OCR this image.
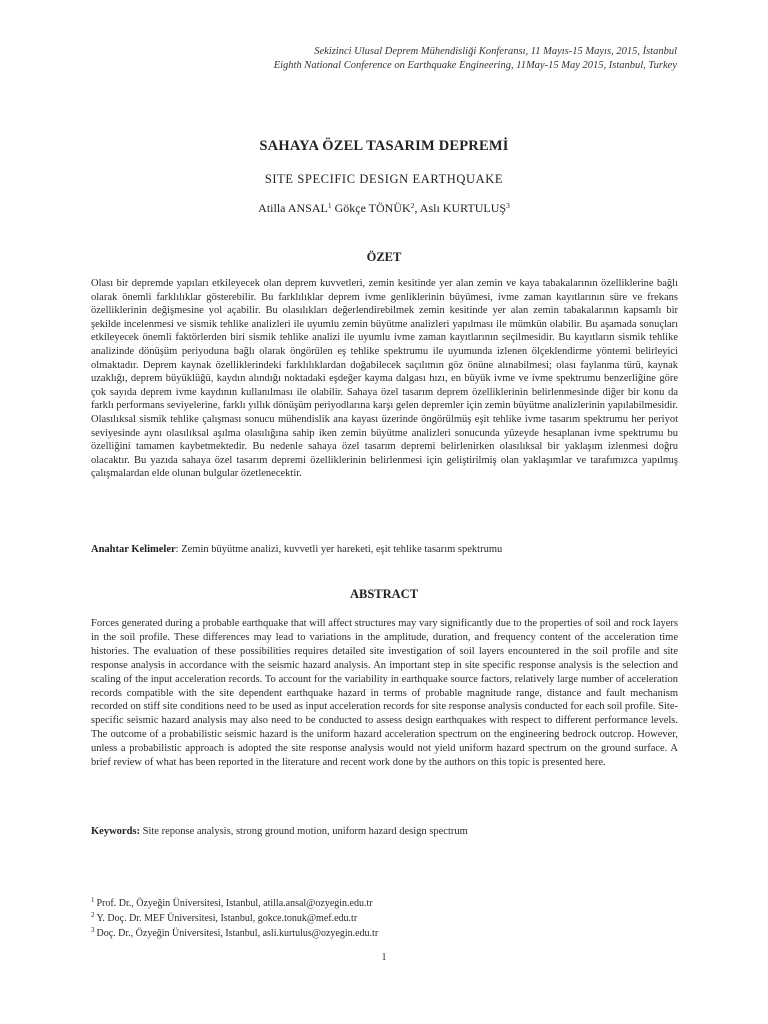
Sekizinci Ulusal Deprem Mühendisliği Konferansı, 11 Mayıs-15 Mayıs, 2015, İstanbul
Eighth National Conference on Earthquake Engineering, 11May-15 May 2015, Istanbul, Turkey
SAHAYA ÖZEL TASARIM DEPREMİ
SITE SPECIFIC DESIGN EARTHQUAKE
Atilla ANSAL$^1$ Gökçe TÖNÜK$^2$, Aslı KURTULUŞ$^3$
ÖZET

Olası bir depremde yapıları etkileyecek olan deprem kuvvetleri, zemin kesitinde yer alan zemin ve kaya tabakalarının özelliklerine bağlı olarak önemli farklılıklar gösterebilir. Bu farklılıklar deprem ivme genliklerinin büyümesi, ivme zaman kayıtlarının süre ve frekans özelliklerinin değişmesine yol açabilir. Bu olasılıkları değerlendirebilmek zemin kesitinde yer alan zemin tabakalarının kapsamlı bir şekilde incelenmesi ve sismik tehlike analizleri ile uyumlu zemin büyütme analizleri yapılması ile mümkün olabilir. Bu aşamada sonuçları etkileyecek önemli faktörlerden biri sismik tehlike analizi ile uyumlu ivme zaman kayıtlarının seçilmesidir. Bu kayıtların sismik tehlike analizinde dönüşüm periyoduna bağlı olarak öngörülen eş tehlike spektrumu ile uyumunda izlenen ölçeklendirme yöntemi belirleyici olmaktadır. Deprem kaynak özelliklerindeki farklılıklardan doğabilecek saçılımın göz önüne alınabilmesi; olası faylanma türü, kaynak uzaklığı, deprem büyüklüğü, kaydın alındığı noktadaki eşdeğer kayma dalgası hızı, en büyük ivme ve ivme spektrumu benzerliğine göre çok sayıda deprem ivme kaydının kullanılması ile olabilir. Sahaya özel tasarım deprem özelliklerinin belirlenmesinde diğer bir konu da farklı performans seviyelerine, farklı yıllık dönüşüm periyodlarına karşı gelen depremler için zemin büyütme analizlerinin yapılabilmesidir. Olasılıksal sismik tehlike çalışması sonucu mühendislik ana kayası üzerinde öngörülmüş eşit tehlike ivme tasarım spektrumu her periyot seviyesinde aynı olasılıksal aşılma olasılığına sahip iken zemin büyütme analizleri sonucunda yüzeyde hesaplanan ivme spektrumu bu özelliğini tamamen kaybetmektedir. Bu nedenle sahaya özel tasarım depremi belirlenirken olasılıksal bir yaklaşım izlenmesi doğru olacaktır. Bu yazıda sahaya özel tasarım depremi özelliklerinin belirlenmesi için geliştirilmiş olan yaklaşımlar ve tarafımızca yapılmış çalışmalardan elde olunan bulgular özetlenecektir.

Anahtar Kelimeler: Zemin büyütme analizi, kuvvetli yer hareketi, eşit tehlike tasarım spektrumu
ABSTRACT

Forces generated during a probable earthquake that will affect structures may vary significantly due to the properties of soil and rock layers in the soil profile. These differences may lead to variations in the amplitude, duration, and frequency content of the acceleration time histories. The evaluation of these possibilities requires detailed site investigation of soil layers encountered in the soil profile and site response analysis in accordance with the seismic hazard analysis. An important step in site specific response analysis is the selection and scaling of the input acceleration records. To account for the variability in earthquake source factors, relatively large number of acceleration records compatible with the site dependent earthquake hazard in terms of probable magnitude range, distance and fault mechanism recorded on stiff site conditions need to be used as input acceleration records for site response analysis conducted for each soil profile. Site-specific seismic hazard analysis may also need to be conducted to assess design earthquakes with respect to different performance levels. The outcome of a probabilistic seismic hazard is the uniform hazard acceleration spectrum on the engineering bedrock outcrop. However, unless a probabilistic approach is adopted the site response analysis would not yield uniform hazard spectrum on the ground surface. A brief review of what has been reported in the literature and recent work done by the authors on this topic is presented here.

Keywords: Site reponse analysis, strong ground motion, uniform hazard design spectrum
$^1$ Prof. Dr., Özyeğin Üniversitesi, Istanbul, atilla.ansal@ozyegin.edu.tr
$^2$ Y. Doç. Dr. MEF Üniversitesi, Istanbul, gokce.tonuk@mef.edu.tr
$^3$ Doç. Dr., Özyeğin Üniversitesi, Istanbul, asli.kurtulus@ozyegin.edu.tr
1
